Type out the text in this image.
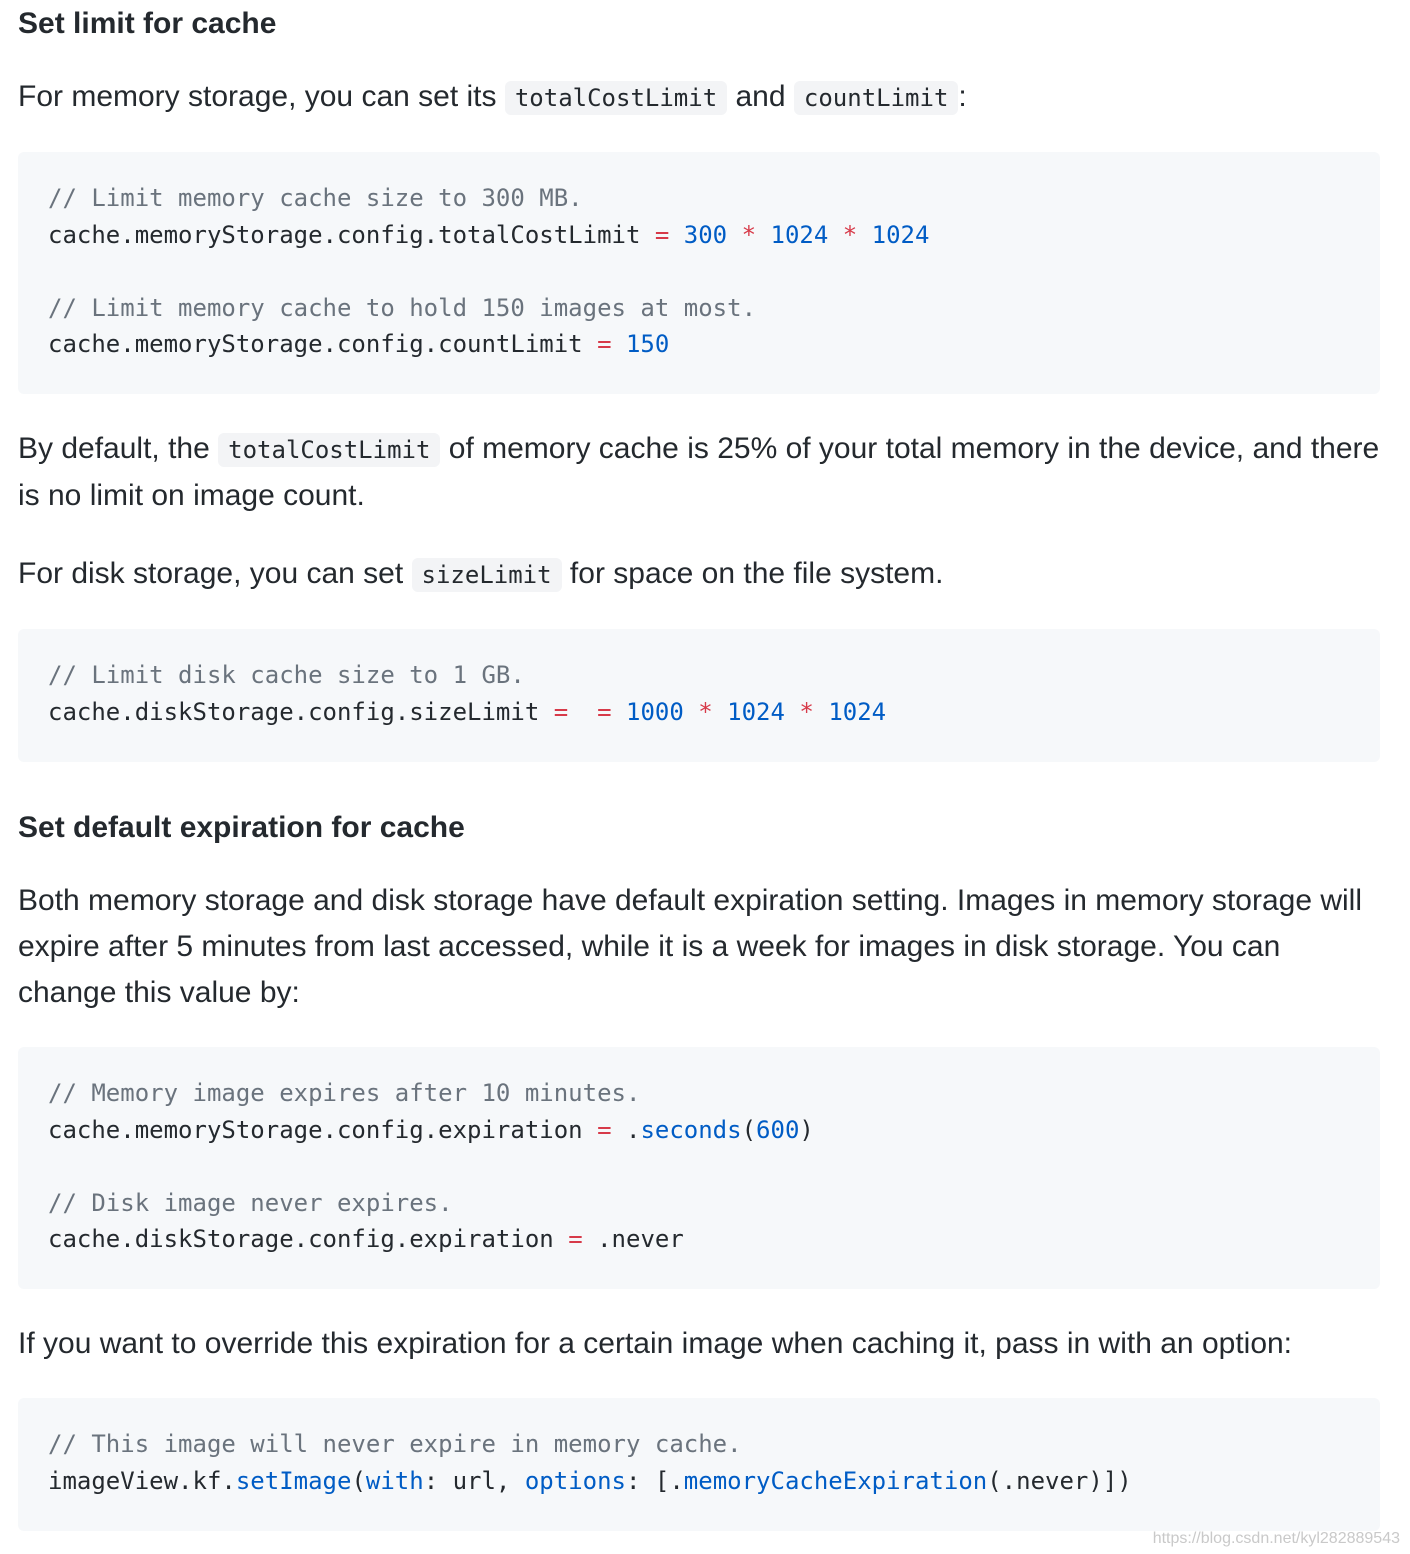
Set limit for cache

For memory storage, you can set its totalCostLimit and countLimit :

// Limit memory cache size to 300 MB.
cache.memoryStorage.config.totalCostLimit = 300 * 1024 * 1024
// Limit memory cache to hold 150 images at most.
cache.memoryStorage.config.countLimit = 150

By default, the totalCostLimit of memory cache is 25% of your total memory in the device, and there is no limit on image count.

For disk storage, you can set sizeLimit for space on the file system.

// Limit disk cache size to 1 GB.
cache.diskStorage.config.sizeLimit = = 1000 * 1024 * 1024
Set default expiration for cache

Both memory storage and disk storage have default expiration setting. Images in memory storage will expire after 5 minutes from last accessed, while it is a week for images in disk storage. You can change this value by:

// Memory image expires after 10 minutes.
cache.memoryStorage.config.expiration = .seconds(600)
// Disk image never expires.
cache.diskStorage.config.expiration = .never

If you want to override this expiration for a certain image when caching it, pass in with an option:

// This image will never expire in memory cache.
imageView.kf.setImage(with: url, options: [.memoryCacheExpiration(.never)])
https://blog.csdn.net/kyl282889543
